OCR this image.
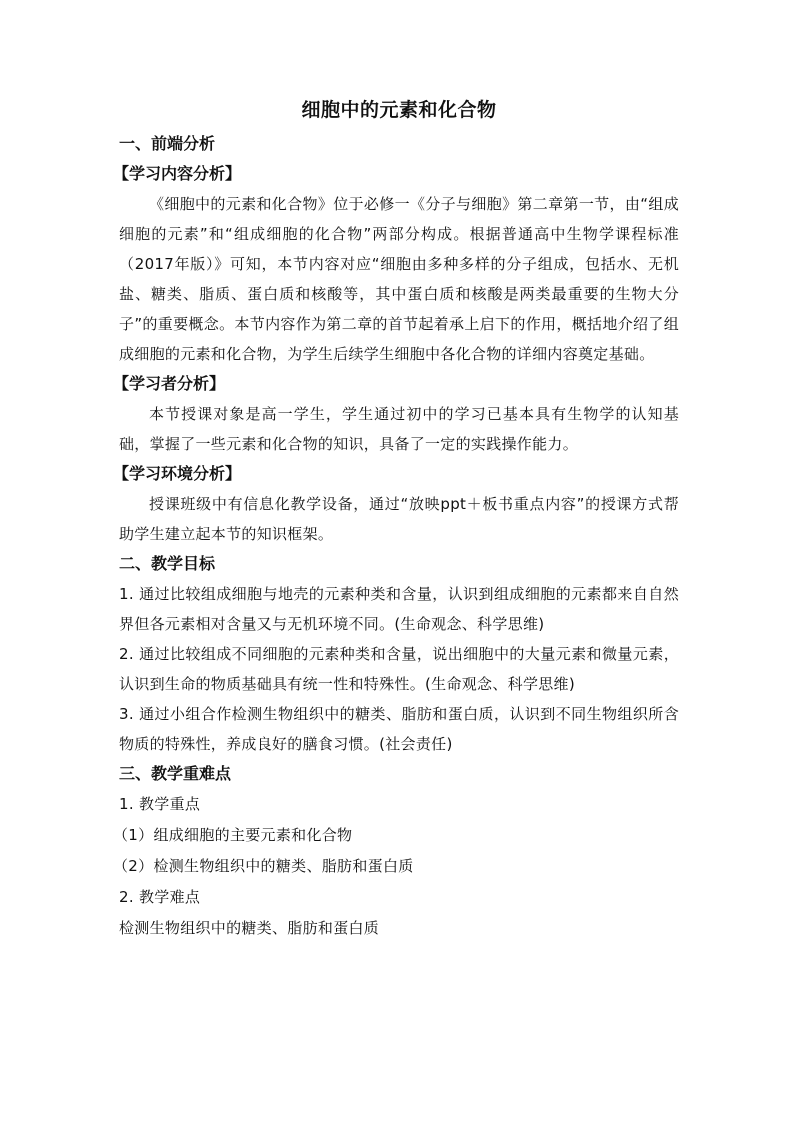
细胞中的元素和化合物
一、前端分析
【学习内容分析】

《细胞中的元素和化合物》位于必修一《分子与细胞》第二章第一节，由“组成细胞的元素”和“组成细胞的化合物”两部分构成。根据普通高中生物学课程标准（2017年版）》可知，本节内容对应“细胞由多种多样的分子组成，包括水、无机盐、糖类、脂质、蛋白质和核酸等，其中蛋白质和核酸是两类最重要的生物大分子”的重要概念。本节内容作为第二章的首节起着承上启下的作用，概括地介绍了组成细胞的元素和化合物，为学生后续学生细胞中各化合物的详细内容奠定基础。

【学习者分析】

本节授课对象是高一学生，学生通过初中的学习已基本具有生物学的认知基础，掌握了一些元素和化合物的知识，具备了一定的实践操作能力。

【学习环境分析】

授课班级中有信息化教学设备，通过“放映ppt＋板书重点内容”的授课方式帮助学生建立起本节的知识框架。

二、教学目标

1. 通过比较组成细胞与地壳的元素种类和含量，认识到组成细胞的元素都来自自然界但各元素相对含量又与无机环境不同。(生命观念、科学思维)

2. 通过比较组成不同细胞的元素种类和含量，说出细胞中的大量元素和微量元素，认识到生命的物质基础具有统一性和特殊性。(生命观念、科学思维)

3. 通过小组合作检测生物组织中的糖类、脂肪和蛋白质，认识到不同生物组织所含物质的特殊性，养成良好的膳食习惯。(社会责任)

三、教学重难点

1. 教学重点

（1）组成细胞的主要元素和化合物

（2）检测生物组织中的糖类、脂肪和蛋白质

2. 教学难点

检测生物组织中的糖类、脂肪和蛋白质
